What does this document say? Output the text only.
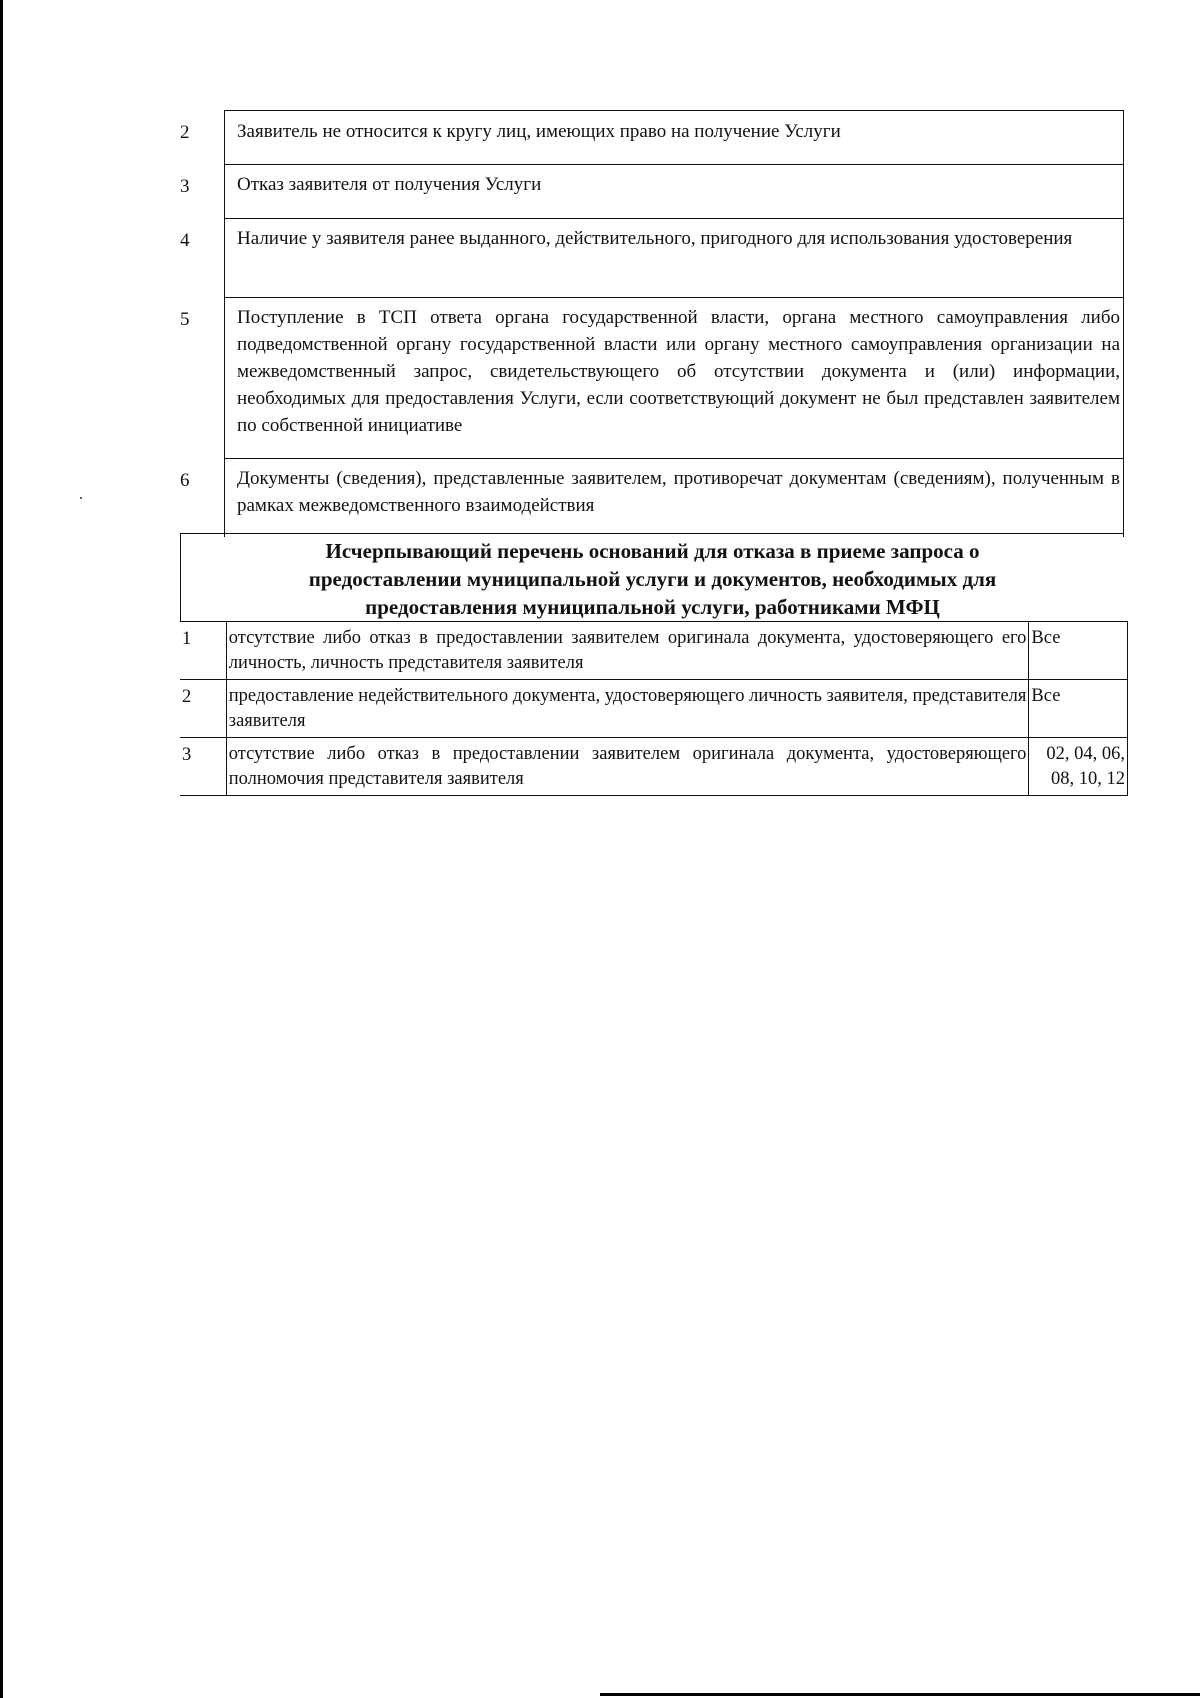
2	Заявитель не относится к кругу лиц, имеющих право на получение Услуги
3	Отказ заявителя от получения Услуги
4	Наличие у заявителя ранее выданного, действительного, пригодного для использования удостоверения
5	Поступление в ТСП ответа органа государственной власти, органа местного самоуправления либо подведомственной органу государственной власти или органу местного самоуправления организации на межведомственный запрос, свидетельствующего об отсутствии документа и (или) информации, необходимых для предоставления Услуги, если соответствующий документ не был представлен заявителем по собственной инициативе
6	Документы (сведения), представленные заявителем, противоречат документам (сведениям), полученным в рамках межведомственного взаимодействия
Исчерпывающий перечень оснований для отказа в приеме запроса о
предоставлении муниципальной услуги и документов, необходимых для
предоставления муниципальной услуги, работниками МФЦ
1	отсутствие либо отказ в предоставлении заявителем оригинала документа, удостоверяющего его личность, личность представителя заявителя	Все
2	предоставление недействительного документа, удостоверяющего личность заявителя, представителя заявителя	Все
3	отсутствие либо отказ в предоставлении заявителем оригинала документа, удостоверяющего полномочия представителя заявителя	02, 04, 06, 08, 10, 12
